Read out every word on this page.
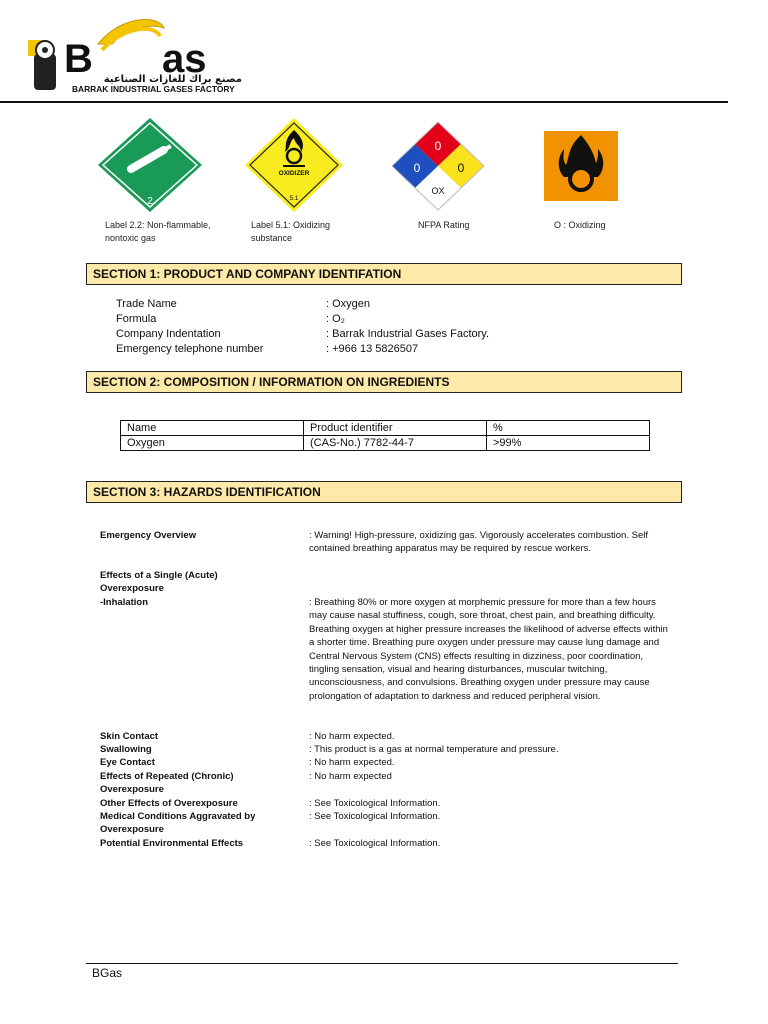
B as
مصنع براك للغازات الصناعية
BARRAK INDUSTRIAL GASES FACTORY
2
Label 2.2: Non-flammable, nontoxic gas
OXIDIZER
5.1
Label 5.1: Oxidizing substance
0
0	0
OX
NFPA Rating	O : Oxidizing
SECTION 1: PRODUCT AND COMPANY IDENTIFATION
Trade Name	: Oxygen
Formula	: O₂
Company Indentation	: Barrak Industrial Gases Factory.
Emergency telephone number	: +966 13 5826507
SECTION 2: COMPOSITION / INFORMATION ON INGREDIENTS
Name	Product identifier	%
Oxygen	(CAS-No.) 7782-44-7	>99%
SECTION 3: HAZARDS IDENTIFICATION
Emergency Overview	: Warning! High-pressure, oxidizing gas. Vigorously accelerates combustion. Self contained breathing apparatus may be required by rescue workers.
Effects of a Single (Acute)
Overexposure
-Inhalation	: Breathing 80% or more oxygen at morphemic pressure for more than a few hours may cause nasal stuffiness, cough, sore throat, chest pain, and breathing difficulty. Breathing oxygen at higher pressure increases the likelihood of adverse effects within a shorter time. Breathing pure oxygen under pressure may cause lung damage and Central Nervous System (CNS) effects resulting in dizziness, poor coordination, tingling sensation, visual and hearing disturbances, muscular twitching, unconsciousness, and convulsions. Breathing oxygen under pressure may cause prolongation of adaptation to darkness and reduced peripheral vision.
Skin Contact	: No harm expected.
Swallowing	: This product is a gas at normal temperature and pressure.
Eye Contact	: No harm expected.
Effects of Repeated (Chronic)	: No harm expected
Overexposure
Other Effects of Overexposure	: See Toxicological Information.
Medical Conditions Aggravated by	: See Toxicological Information.
Overexposure
Potential Environmental Effects	: See Toxicological Information.
BGas
